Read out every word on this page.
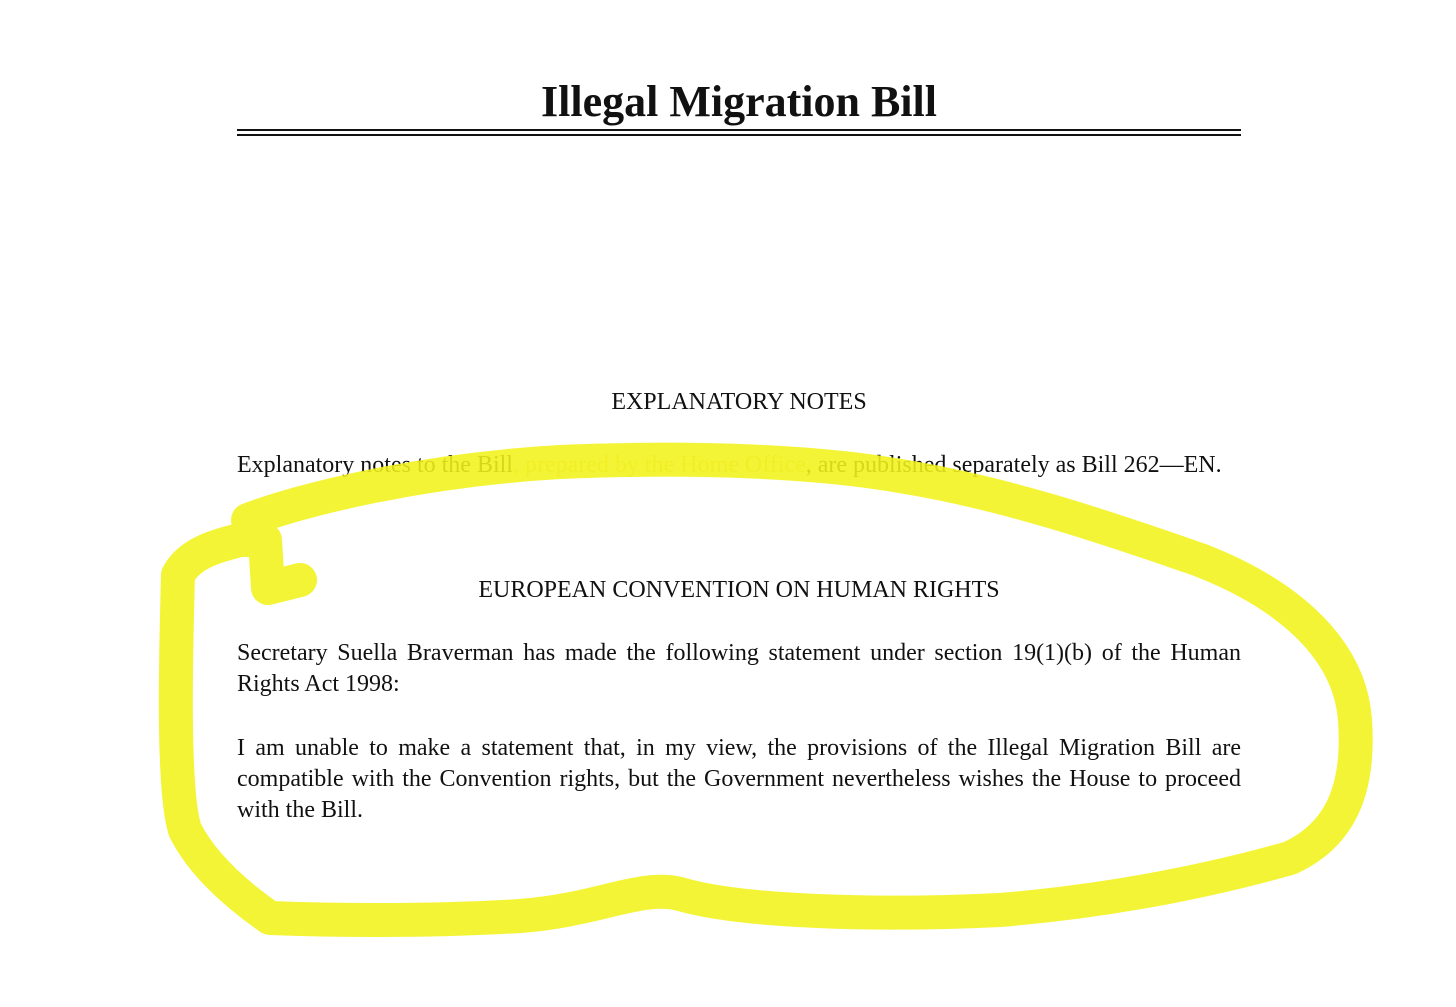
Illegal Migration Bill
EXPLANATORY NOTES

Explanatory notes to the Bill, prepared by the Home Office, are published separately as Bill 262—EN.

EUROPEAN CONVENTION ON HUMAN RIGHTS

Secretary Suella Braverman has made the following statement under section 19(1)(b) of the Human Rights Act 1998:

I am unable to make a statement that, in my view, the provisions of the Illegal Migration Bill are compatible with the Convention rights, but the Government nevertheless wishes the House to proceed with the Bill.
